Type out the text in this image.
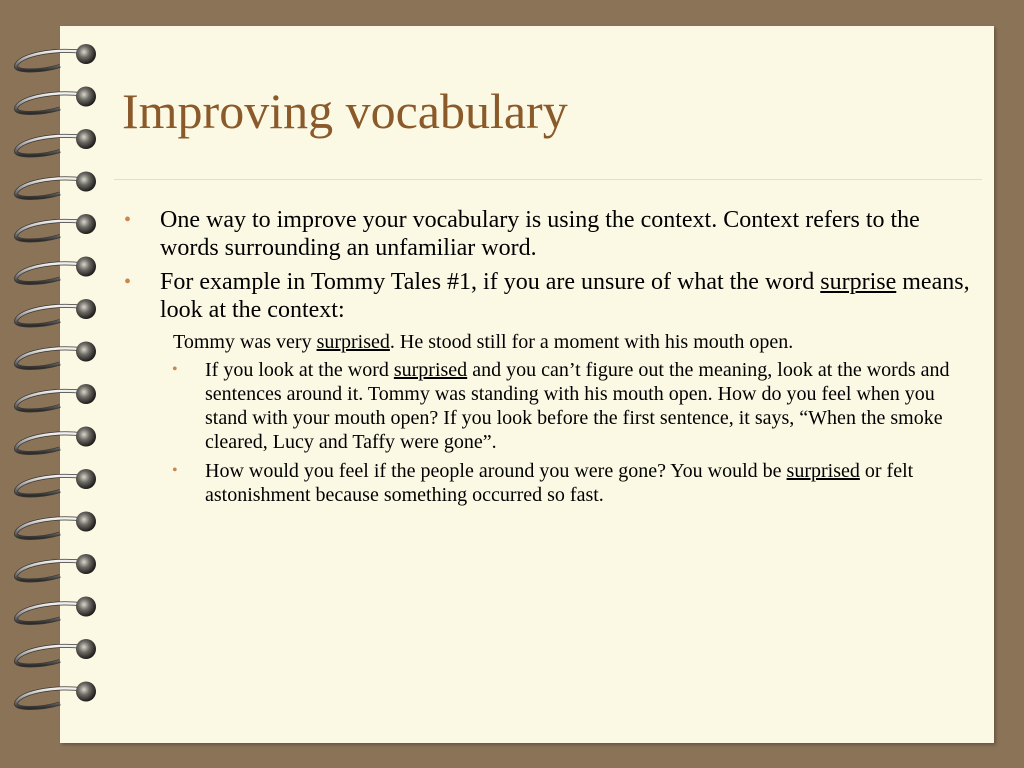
Improving vocabulary
• One way to improve your vocabulary is using the context. Context refers to the words surrounding an unfamiliar word.
• For example in Tommy Tales #1, if you are unsure of what the word surprise means, look at the context:
Tommy was very surprised. He stood still for a moment with his mouth open.
• If you look at the word surprised and you can’t figure out the meaning, look at the words and sentences around it. Tommy was standing with his mouth open. How do you feel when you stand with your mouth open? If you look before the first sentence, it says, “When the smoke cleared, Lucy and Taffy were gone”.
• How would you feel if the people around you were gone? You would be surprised or felt astonishment because something occurred so fast.
